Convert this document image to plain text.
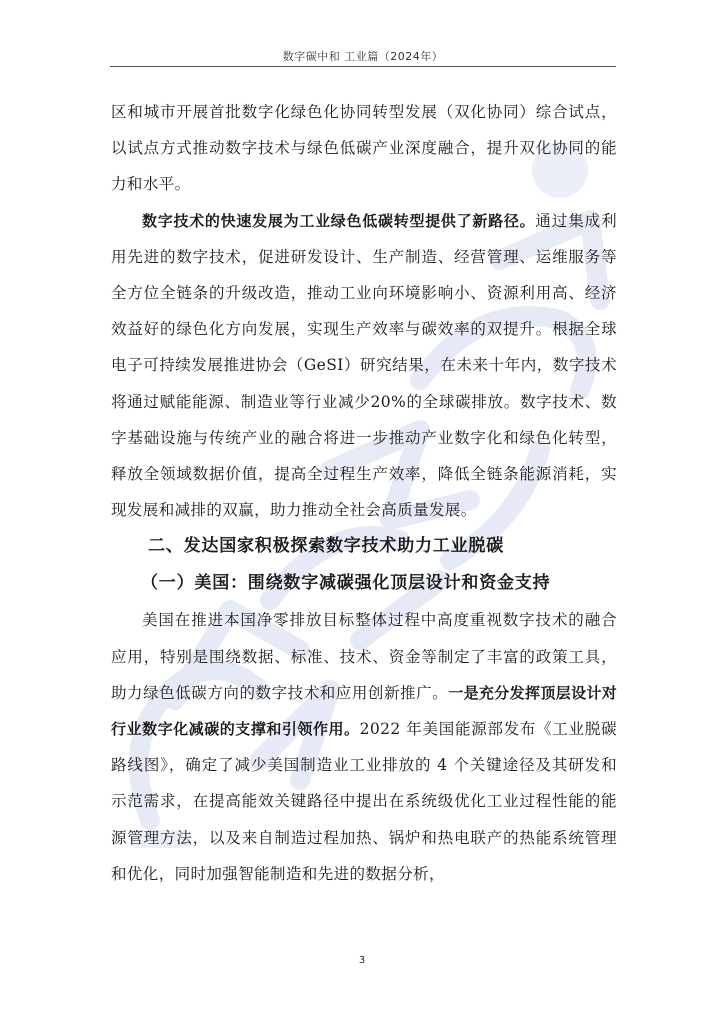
数字碳中和 工业篇（2024年）

区和城市开展首批数字化绿色化协同转型发展（双化协同）综合试点，以试点方式推动数字技术与绿色低碳产业深度融合，提升双化协同的能力和水平。

数字技术的快速发展为工业绿色低碳转型提供了新路径。通过集成利用先进的数字技术，促进研发设计、生产制造、经营管理、运维服务等全方位全链条的升级改造，推动工业向环境影响小、资源利用高、经济效益好的绿色化方向发展，实现生产效率与碳效率的双提升。根据全球电子可持续发展推进协会（GeSI）研究结果，在未来十年内，数字技术将通过赋能能源、制造业等行业减少20%的全球碳排放。数字技术、数字基础设施与传统产业的融合将进一步推动产业数字化和绿色化转型，释放全领域数据价值，提高全过程生产效率，降低全链条能源消耗，实现发展和减排的双赢，助力推动全社会高质量发展。

二、发达国家积极探索数字技术助力工业脱碳
（一）美国：围绕数字减碳强化顶层设计和资金支持

美国在推进本国净零排放目标整体过程中高度重视数字技术的融合应用，特别是围绕数据、标准、技术、资金等制定了丰富的政策工具，助力绿色低碳方向的数字技术和应用创新推广。一是充分发挥顶层设计对行业数字化减碳的支撑和引领作用。2022 年美国能源部发布《工业脱碳路线图》，确定了减少美国制造业工业排放的 4 个关键途径及其研发和示范需求，在提高能效关键路径中提出在系统级优化工业过程性能的能源管理方法，以及来自制造过程加热、锅炉和热电联产的热能系统管理和优化，同时加强智能制造和先进的数据分析，

3
